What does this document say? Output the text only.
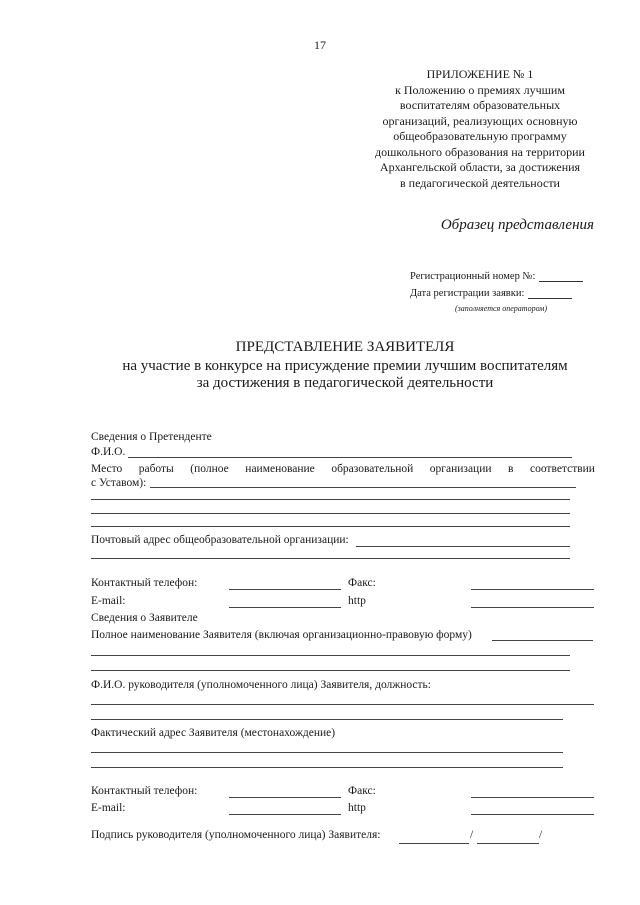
17
ПРИЛОЖЕНИЕ № 1
к Положению о премиях лучшим
воспитателям образовательных
организаций, реализующих основную
общеобразовательную программу
дошкольного образования на территории
Архангельской области, за достижения
в педагогической деятельности
Образец представления
Регистрационный номер №:
Дата регистрации заявки:
(заполняется оператором)
ПРЕДСТАВЛЕНИЕ ЗАЯВИТЕЛЯ
на участие в конкурсе на присуждение премии лучшим воспитателям
за достижения в педагогической деятельности
Сведения о Претенденте
Ф.И.О.
Место работы (полное наименование образовательной организации в соответствии
с Уставом):
Почтовый адрес общеобразовательной организации:
Контактный телефон:	Факс:
E-mail:	http
Сведения о Заявителе
Полное наименование Заявителя (включая организационно-правовую форму)
Ф.И.О. руководителя (уполномоченного лица) Заявителя, должность:
Фактический адрес Заявителя (местонахождение)
Контактный телефон:	Факс:
E-mail:	http
Подпись руководителя (уполномоченного лица) Заявителя:	/	/
